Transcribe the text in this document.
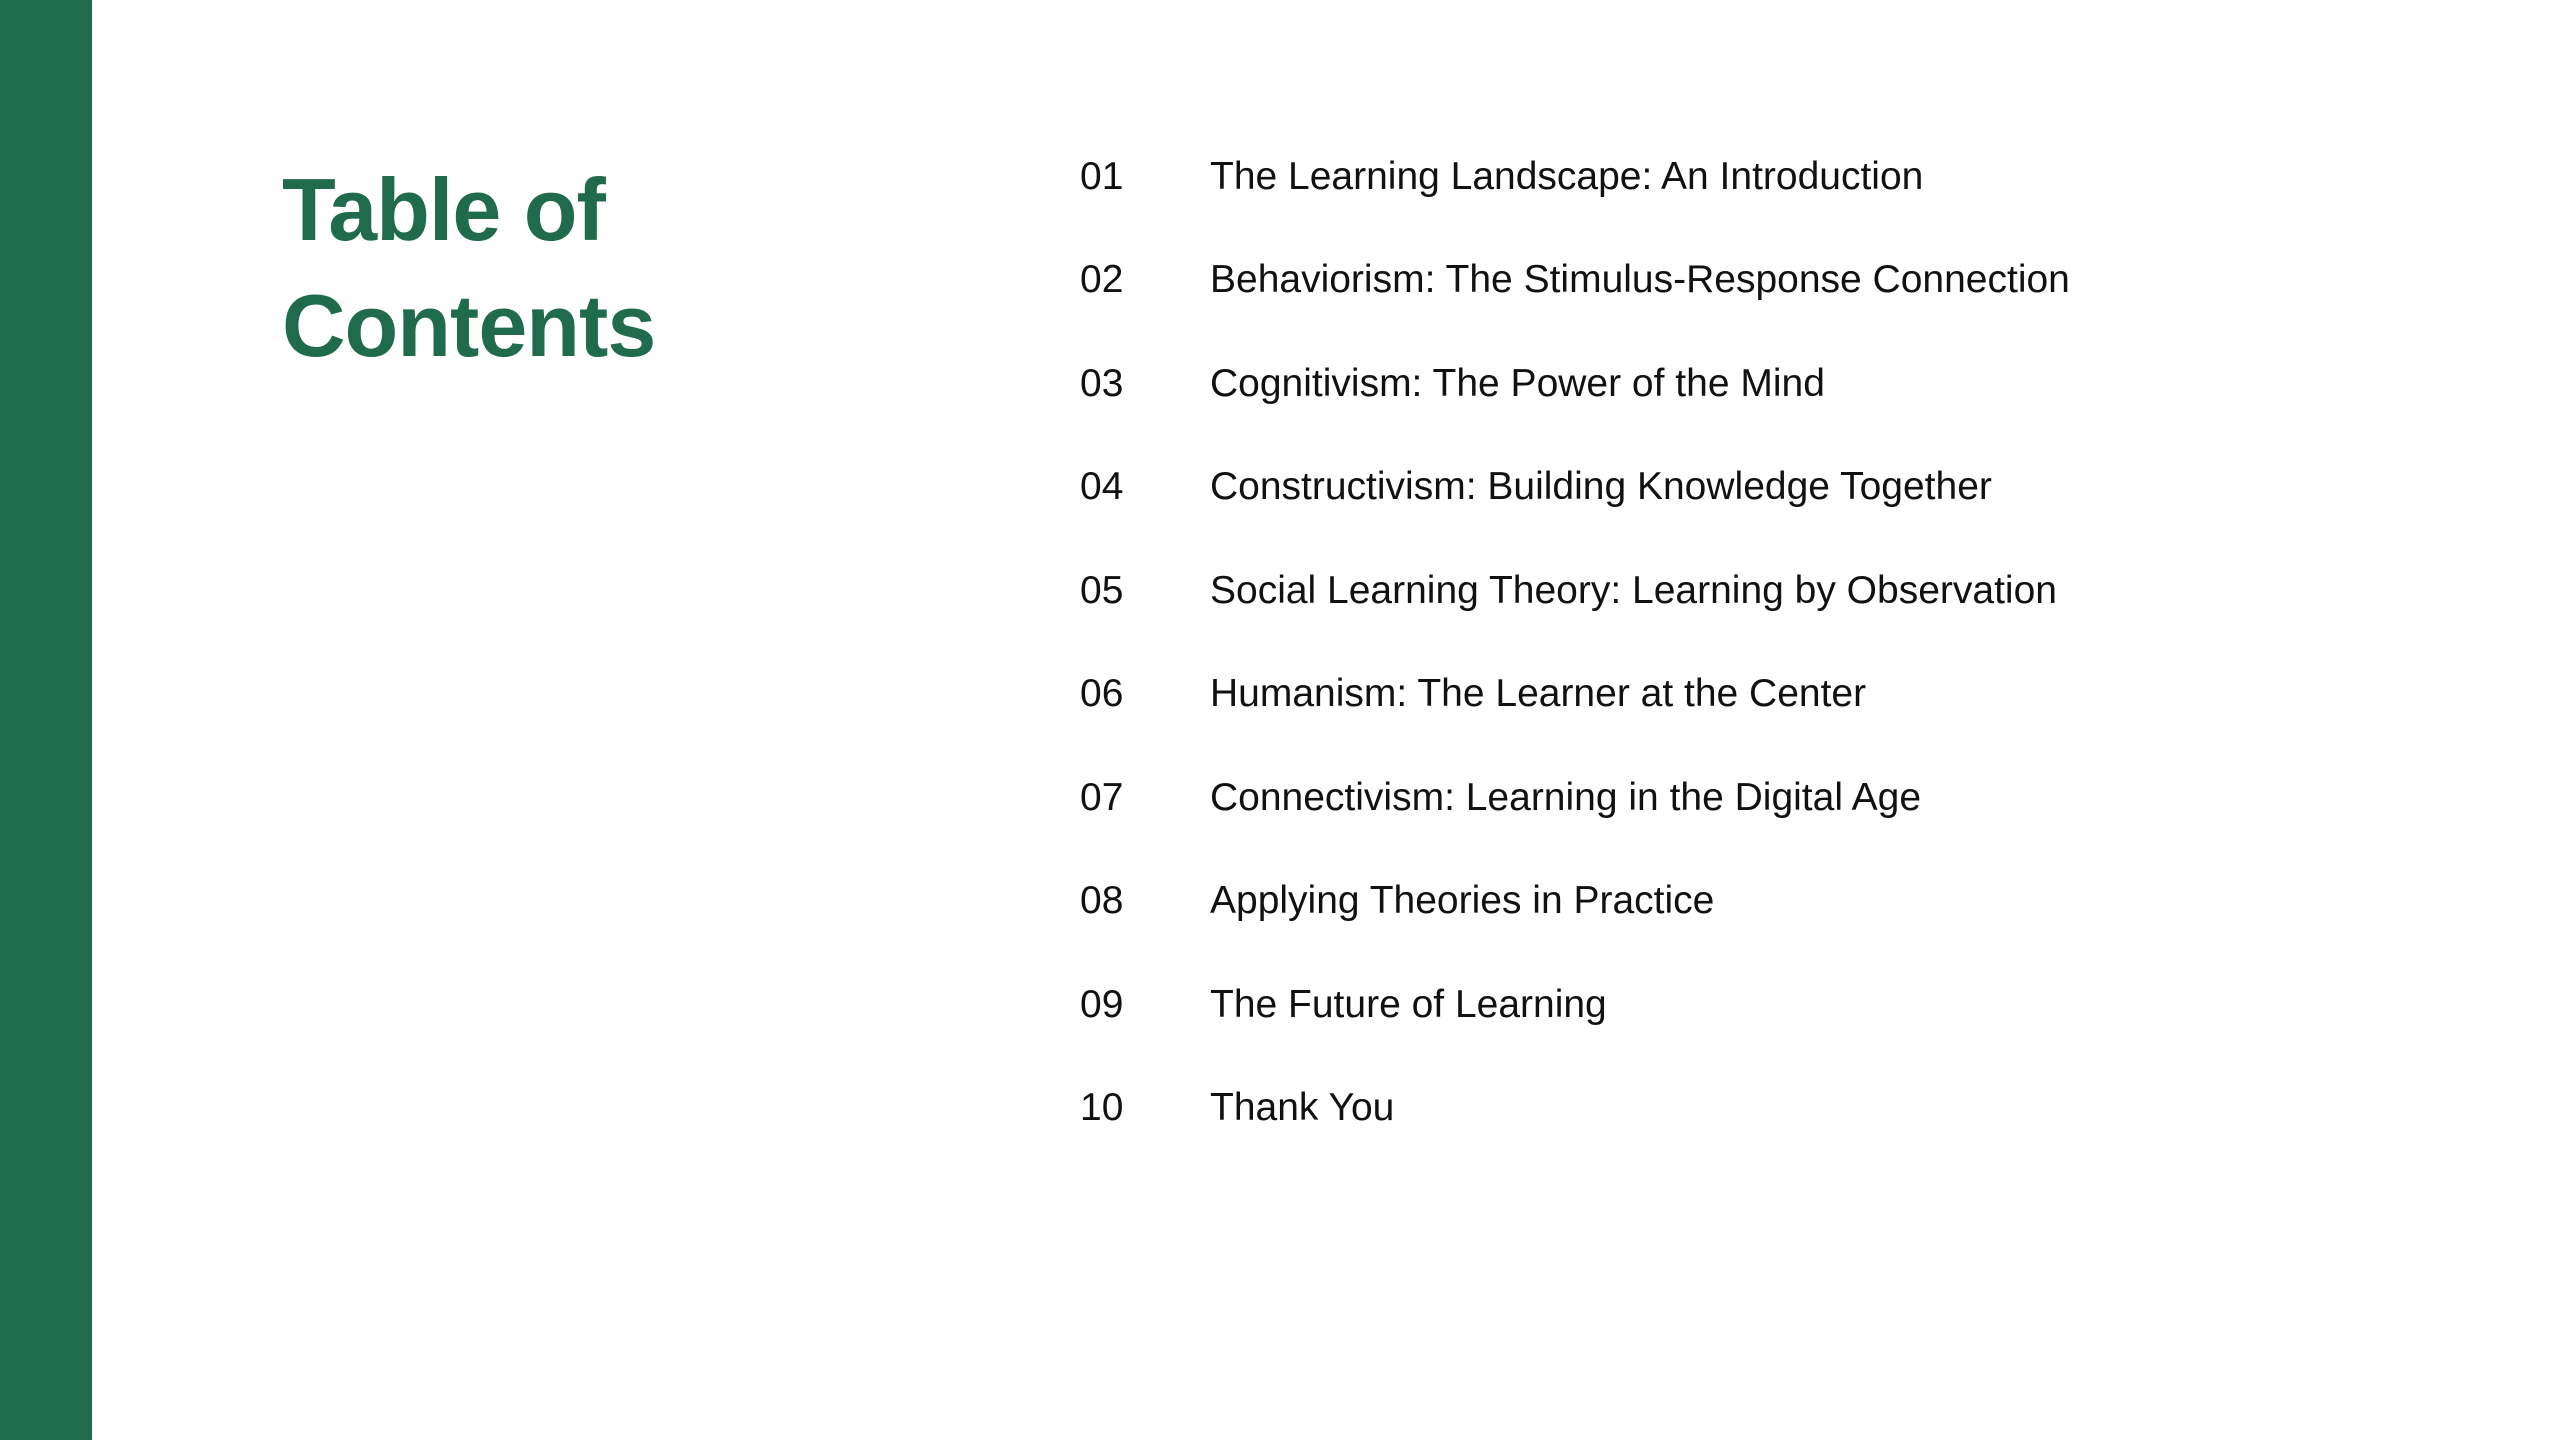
Table of
Contents
01	The Learning Landscape: An Introduction
02	Behaviorism: The Stimulus-Response Connection
03	Cognitivism: The Power of the Mind
04	Constructivism: Building Knowledge Together
05	Social Learning Theory: Learning by Observation
06	Humanism: The Learner at the Center
07	Connectivism: Learning in the Digital Age
08	Applying Theories in Practice
09	The Future of Learning
10	Thank You
